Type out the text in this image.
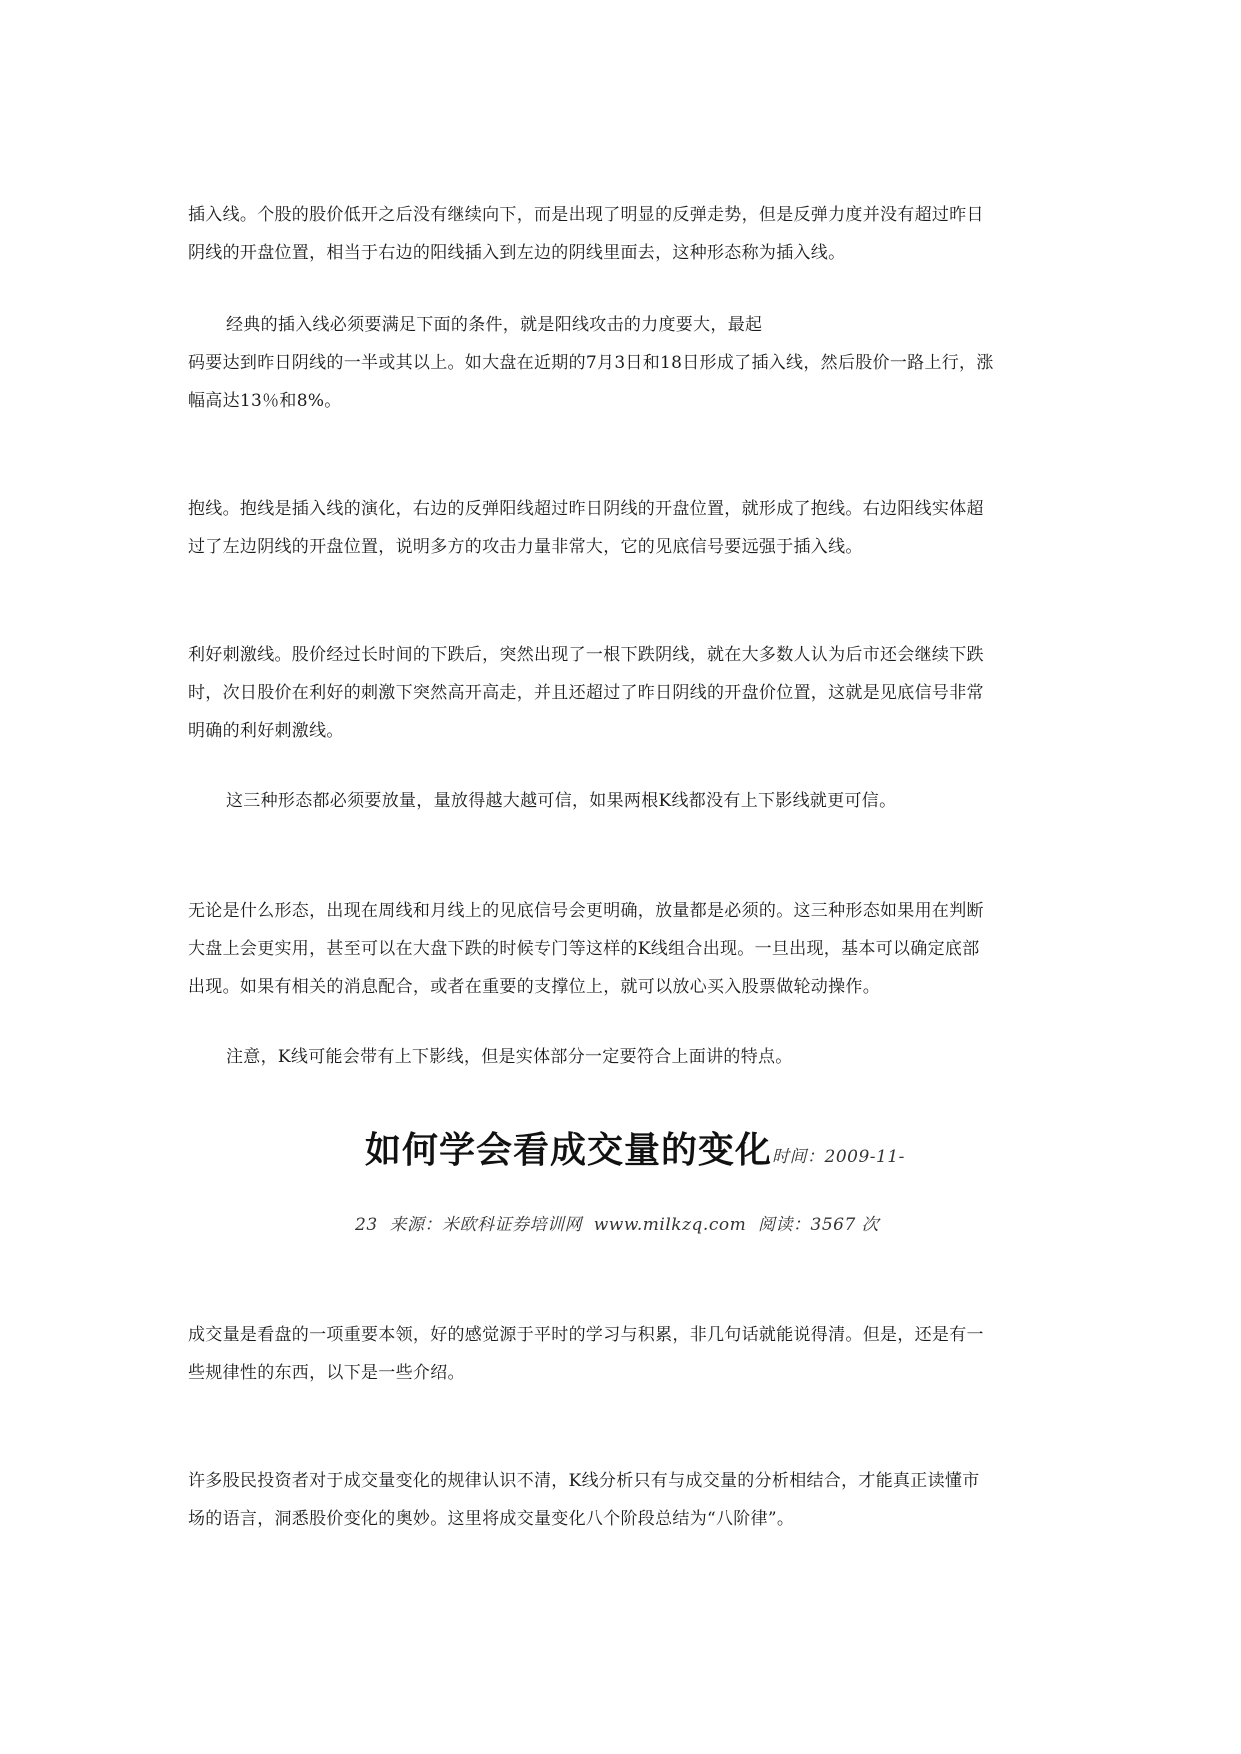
插入线。个股的股价低开之后没有继续向下，而是出现了明显的反弹走势，但是反弹力度并没有超过昨日
阴线的开盘位置，相当于右边的阳线插入到左边的阴线里面去，这种形态称为插入线。
经典的插入线必须要满足下面的条件，就是阳线攻击的力度要大，最起
码要达到昨日阴线的一半或其以上。如大盘在近期的7月3日和18日形成了插入线，然后股价一路上行，涨
幅高达13％和8%。
抱线。抱线是插入线的演化，右边的反弹阳线超过昨日阴线的开盘位置，就形成了抱线。右边阳线实体超
过了左边阴线的开盘位置，说明多方的攻击力量非常大，它的见底信号要远强于插入线。
利好刺激线。股价经过长时间的下跌后，突然出现了一根下跌阴线，就在大多数人认为后市还会继续下跌
时，次日股价在利好的刺激下突然高开高走，并且还超过了昨日阴线的开盘价位置，这就是见底信号非常
明确的利好刺激线。
这三种形态都必须要放量，量放得越大越可信，如果两根K线都没有上下影线就更可信。
无论是什么形态，出现在周线和月线上的见底信号会更明确，放量都是必须的。这三种形态如果用在判断
大盘上会更实用，甚至可以在大盘下跌的时候专门等这样的K线组合出现。一旦出现，基本可以确定底部
出现。如果有相关的消息配合，或者在重要的支撑位上，就可以放心买入股票做轮动操作。
注意，K线可能会带有上下影线，但是实体部分一定要符合上面讲的特点。
如何学会看成交量的变化时间：2009-11-
23  来源：米欧科证券培训网  www.milkzq.com  阅读：3567 次
成交量是看盘的一项重要本领，好的感觉源于平时的学习与积累，非几句话就能说得清。但是，还是有一
些规律性的东西，以下是一些介绍。
许多股民投资者对于成交量变化的规律认识不清，K线分析只有与成交量的分析相结合，才能真正读懂市
场的语言，洞悉股价变化的奥妙。这里将成交量变化八个阶段总结为“八阶律”。
